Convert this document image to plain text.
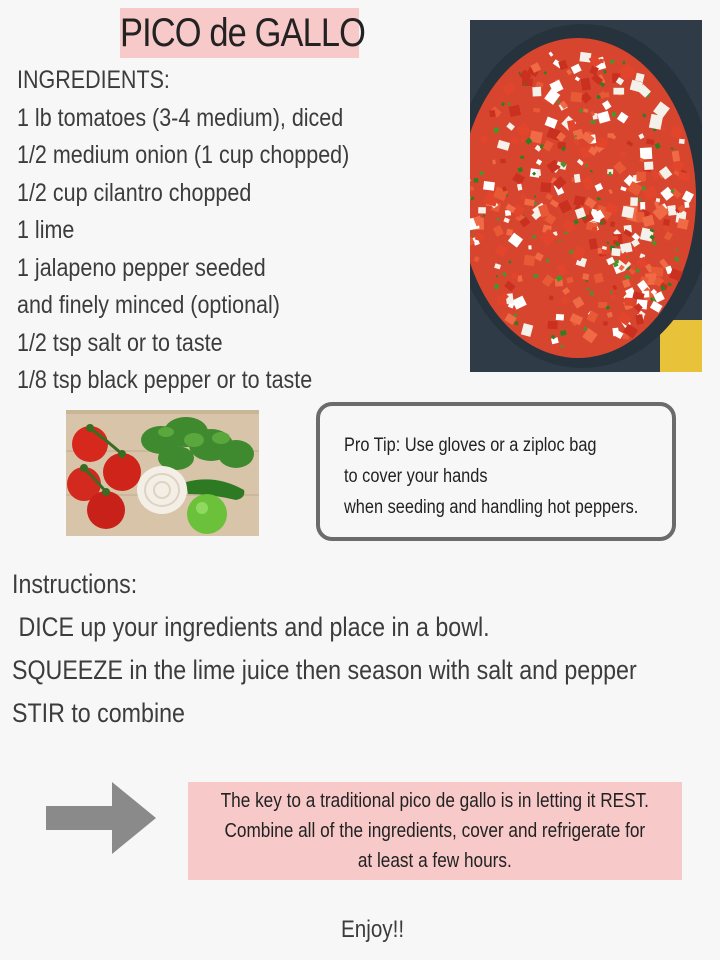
PICO de GALLO
INGREDIENTS:
1 lb tomatoes (3-4 medium), diced
1/2 medium onion (1 cup chopped)
1/2 cup cilantro chopped
1 lime
1 jalapeno pepper seeded
and finely minced (optional)
1/2 tsp salt or to taste
1/8 tsp black pepper or to taste
Pro Tip: Use gloves or a ziploc bag
to cover your hands
when seeding and handling hot peppers.
Instructions:
DICE up your ingredients and place in a bowl.
SQUEEZE in the lime juice then season with salt and pepper
STIR to combine
The key to a traditional pico de gallo is in letting it REST.
Combine all of the ingredients, cover and refrigerate for
at least a few hours.
Enjoy!!
